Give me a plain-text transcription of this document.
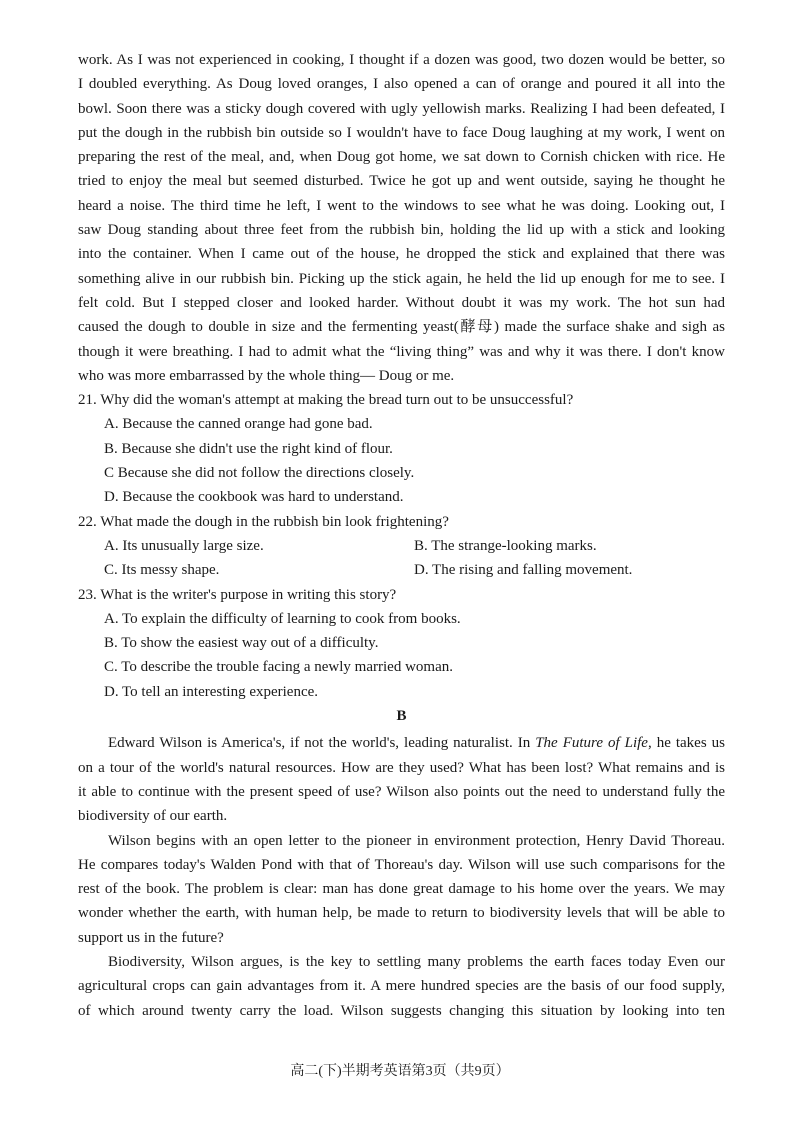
work. As I was not experienced in cooking, I thought if a dozen was good, two dozen would be better, so
I doubled everything. As Doug loved oranges, I also opened a can of orange and poured it all into the
bowl. Soon there was a sticky dough covered with ugly yellowish marks. Realizing I had been defeated, I
put the dough in the rubbish bin outside so I wouldn't have to face Doug laughing at my work, I went on
preparing the rest of the meal, and, when Doug got home, we sat down to Cornish chicken with rice. He
tried to enjoy the meal but seemed disturbed. Twice he got up and went outside, saying he thought he
heard a noise. The third time he left, I went to the windows to see what he was doing. Looking out, I
saw Doug standing about three feet from the rubbish bin, holding the lid up with a stick and looking
into the container. When I came out of the house, he dropped the stick and explained that there was
something alive in our rubbish bin. Picking up the stick again, he held the lid up enough for me to see. I
felt cold. But I stepped closer and looked harder. Without doubt it was my work. The hot sun had
caused the dough to double in size and the fermenting yeast(酵母) made the surface shake and sigh as
though it were breathing. I had to admit what the “living thing” was and why it was there. I don't know
who was more embarrassed by the whole thing— Doug or me.
21. Why did the woman's attempt at making the bread turn out to be unsuccessful?
A. Because the canned orange had gone bad.
B. Because she didn't use the right kind of flour.
C Because she did not follow the directions closely.
D. Because the cookbook was hard to understand.
22. What made the dough in the rubbish bin look frightening?
A. Its unusually large size.	B. The strange-looking marks.
C. Its messy shape.	D. The rising and falling movement.
23. What is the writer's purpose in writing this story?
A. To explain the difficulty of learning to cook from books.
B. To show the easiest way out of a difficulty.
C. To describe the trouble facing a newly married woman.
D. To tell an interesting experience.
B
Edward Wilson is America's, if not the world's, leading naturalist. In The Future of Life, he takes us
on a tour of the world's natural resources. How are they used? What has been lost? What remains and is
it able to continue with the present speed of use? Wilson also points out the need to understand fully the
biodiversity of our earth.
Wilson begins with an open letter to the pioneer in environment protection, Henry David Thoreau.
He compares today's Walden Pond with that of Thoreau's day. Wilson will use such comparisons for the
rest of the book. The problem is clear: man has done great damage to his home over the years. We may
wonder whether the earth, with human help, be made to return to biodiversity levels that will be able to
support us in the future?
Biodiversity, Wilson argues, is the key to settling many problems the earth faces today Even our
agricultural crops can gain advantages from it. A mere hundred species are the basis of our food supply,
of which around twenty carry the load. Wilson suggests changing this situation by looking into ten
高二(下)半期考英语第3页（共9页）
